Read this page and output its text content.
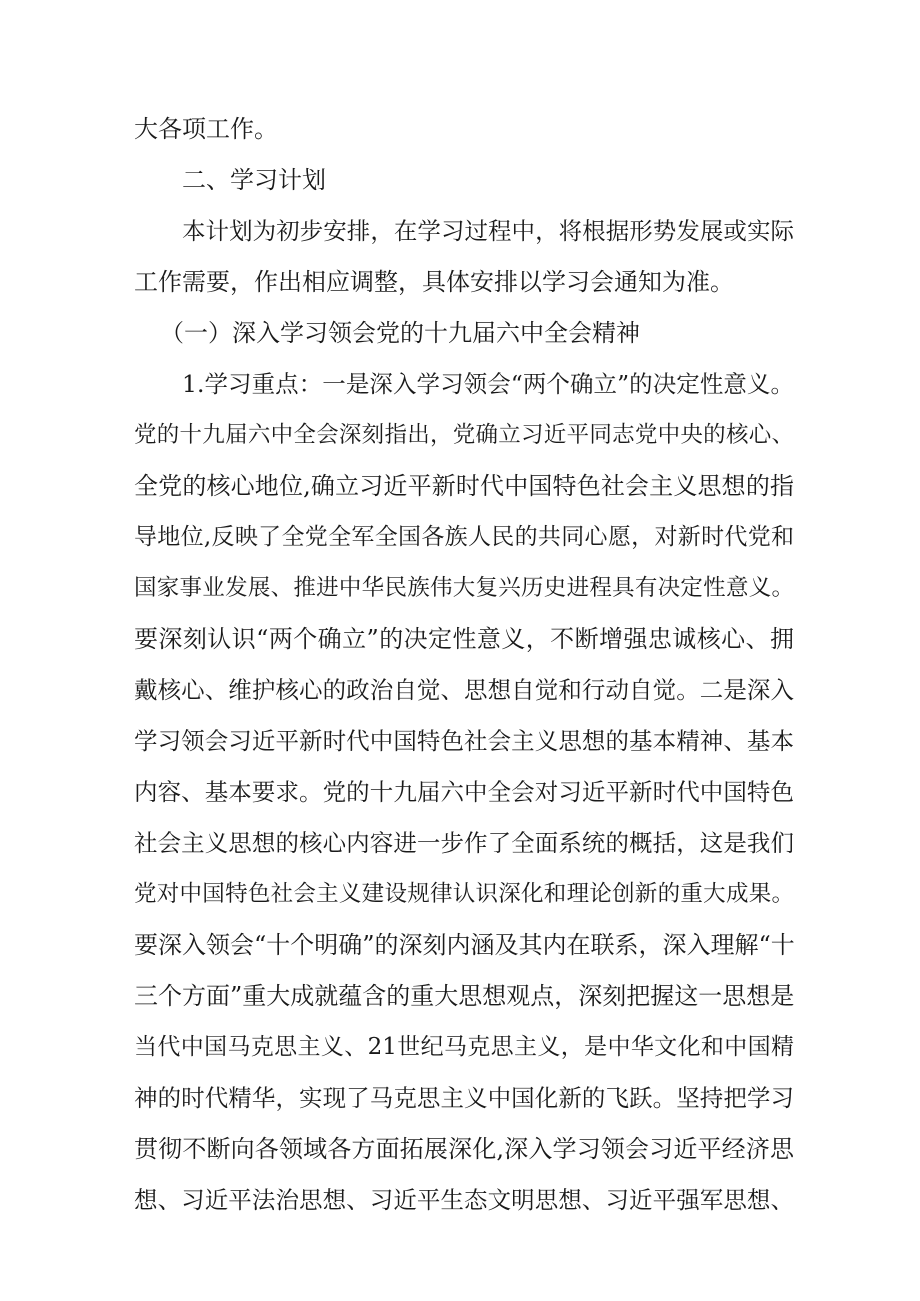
大各项工作。
二、学习计划
本计划为初步安排，在学习过程中，将根据形势发展或实际
工作需要，作出相应调整，具体安排以学习会通知为准。
（一）深入学习领会党的十九届六中全会精神
1.学习重点：一是深入学习领会“两个确立”的决定性意义。
党的十九届六中全会深刻指出，党确立习近平同志党中央的核心、
全党的核心地位,确立习近平新时代中国特色社会主义思想的指
导地位,反映了全党全军全国各族人民的共同心愿，对新时代党和
国家事业发展、推进中华民族伟大复兴历史进程具有决定性意义。
要深刻认识“两个确立”的决定性意义，不断增强忠诚核心、拥
戴核心、维护核心的政治自觉、思想自觉和行动自觉。二是深入
学习领会习近平新时代中国特色社会主义思想的基本精神、基本
内容、基本要求。党的十九届六中全会对习近平新时代中国特色
社会主义思想的核心内容进一步作了全面系统的概括，这是我们
党对中国特色社会主义建设规律认识深化和理论创新的重大成果。
要深入领会“十个明确”的深刻内涵及其内在联系，深入理解“十
三个方面”重大成就蕴含的重大思想观点，深刻把握这一思想是
当代中国马克思主义、21世纪马克思主义，是中华文化和中国精
神的时代精华，实现了马克思主义中国化新的飞跃。坚持把学习
贯彻不断向各领域各方面拓展深化,深入学习领会习近平经济思
想、习近平法治思想、习近平生态文明思想、习近平强军思想、
